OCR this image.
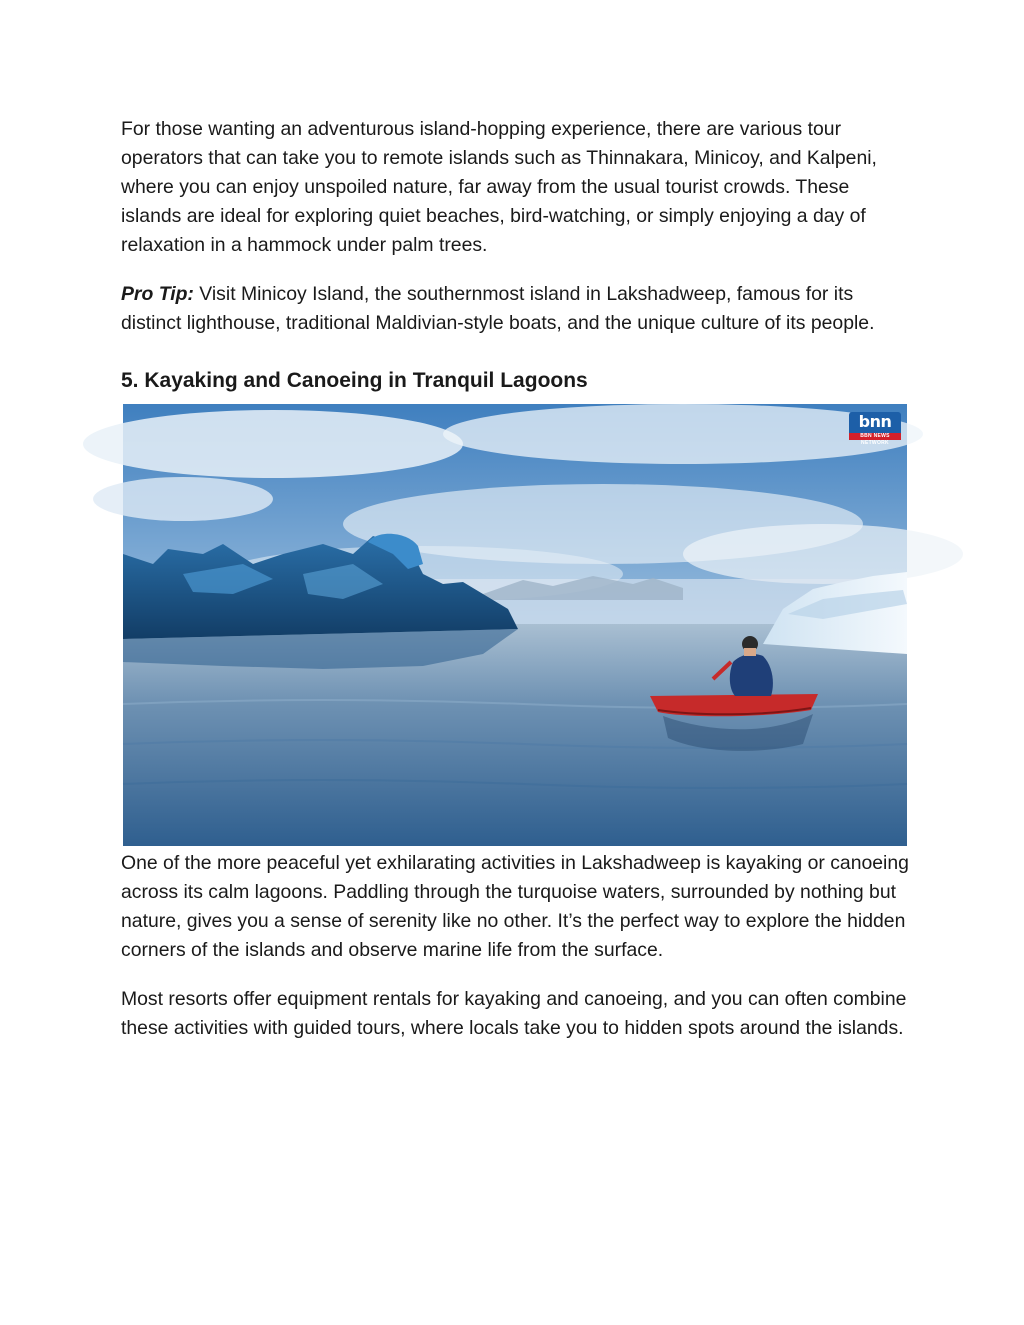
For those wanting an adventurous island-hopping experience, there are various tour operators that can take you to remote islands such as Thinnakara, Minicoy, and Kalpeni, where you can enjoy unspoiled nature, far away from the usual tourist crowds. These islands are ideal for exploring quiet beaches, bird-watching, or simply enjoying a day of relaxation in a hammock under palm trees.

Pro Tip: Visit Minicoy Island, the southernmost island in Lakshadweep, famous for its distinct lighthouse, traditional Maldivian-style boats, and the unique culture of its people.

5. Kayaking and Canoeing in Tranquil Lagoons
bnn
BBN NEWS NETWORK

One of the more peaceful yet exhilarating activities in Lakshadweep is kayaking or canoeing across its calm lagoons. Paddling through the turquoise waters, surrounded by nothing but nature, gives you a sense of serenity like no other. It’s the perfect way to explore the hidden corners of the islands and observe marine life from the surface.

Most resorts offer equipment rentals for kayaking and canoeing, and you can often combine these activities with guided tours, where locals take you to hidden spots around the islands.
